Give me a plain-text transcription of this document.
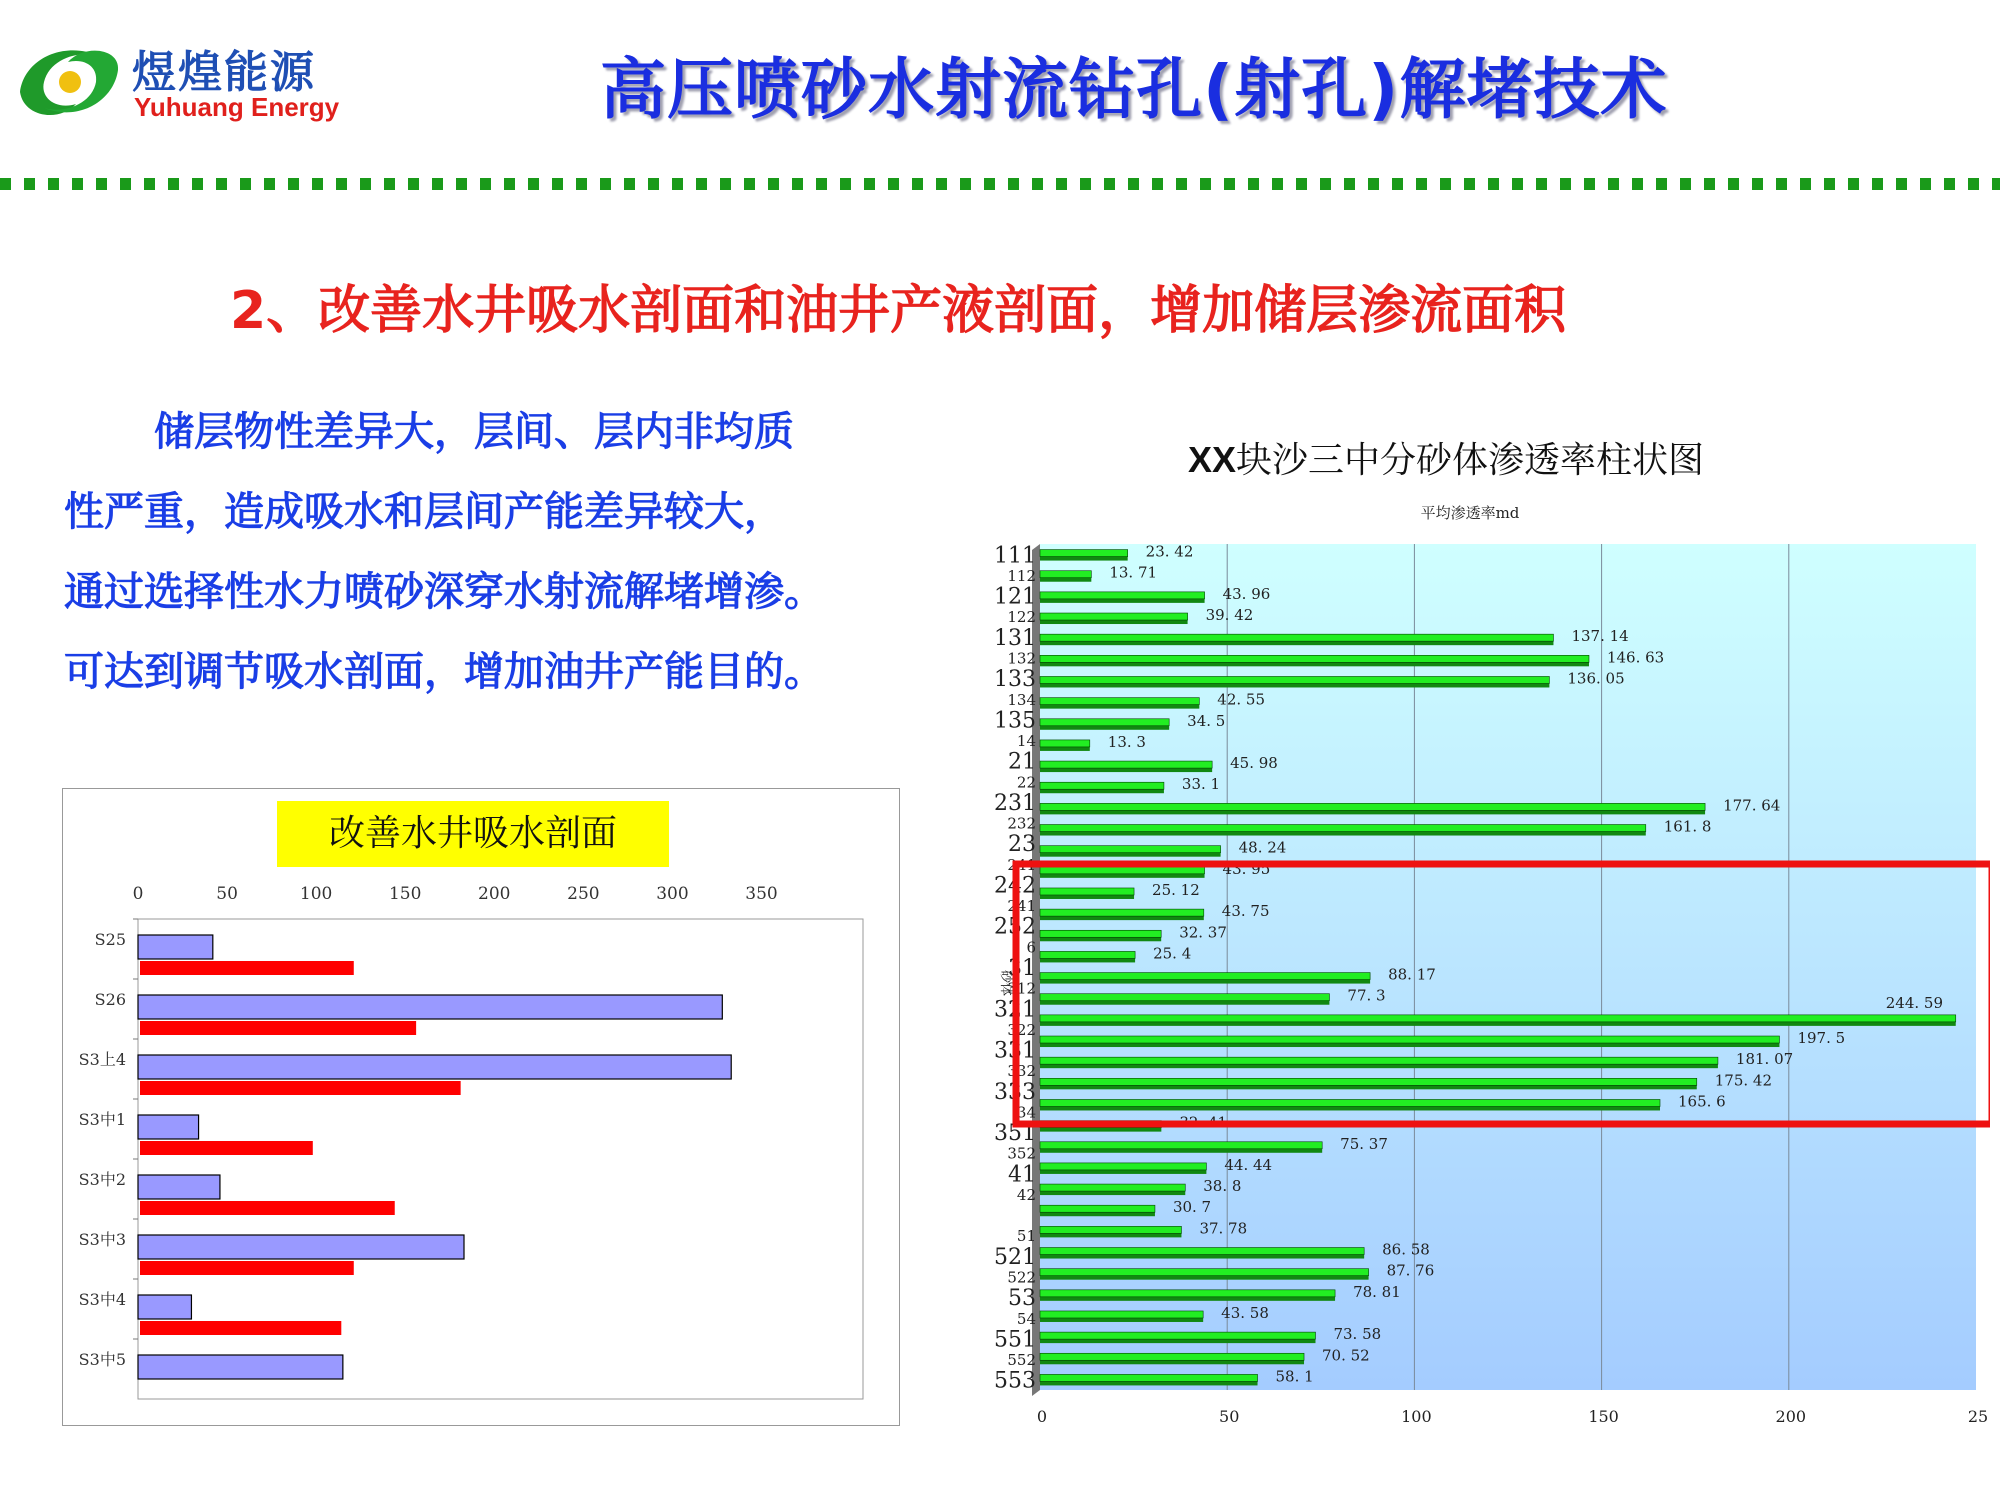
煜煌能源
Yuhuang Energy	高压喷砂水射流钻孔(射孔)解堵技术
2、改善水井吸水剖面和油井产液剖面，增加储层渗流面积

储层物性差异大，层间、层内非均质

性严重，造成吸水和层间产能差异较大，

通过选择性水力喷砂深穿水射流解堵增渗。

可达到调节吸水剖面，增加油井产能目的。

改善水井吸水剖面
0	50	100	150	200	250	300	350
S25
S26
S3上4
S3中1
S3中2
S3中3
S3中4
S3中5
XX块沙三中分砂体渗透率柱状图
平均渗透率md
0	50	100	150	200	25
砂体
23. 42
13. 71
43. 96
39. 42
137. 14
146. 63
136. 05
42. 55
34. 5
13. 3
45. 98
33. 1
177. 64
161. 8
48. 24
43. 95
25. 12
43. 75
32. 37
25. 4
88. 17
77. 3	244. 59
197. 5
181. 07
175. 42
165. 6
32. 41
75. 37
44. 44
38. 8
30. 7
37. 78
86. 58
87. 76
78. 81
43. 58
73. 58
70. 52
58. 1
111
112
121
122
131
132
133
134
135
14
21
22
231
232
23
241
242
241
252
6
31
312
321
322
331
332
333
34
351
352
41
42
51
521
522
53
54
551
552
553
